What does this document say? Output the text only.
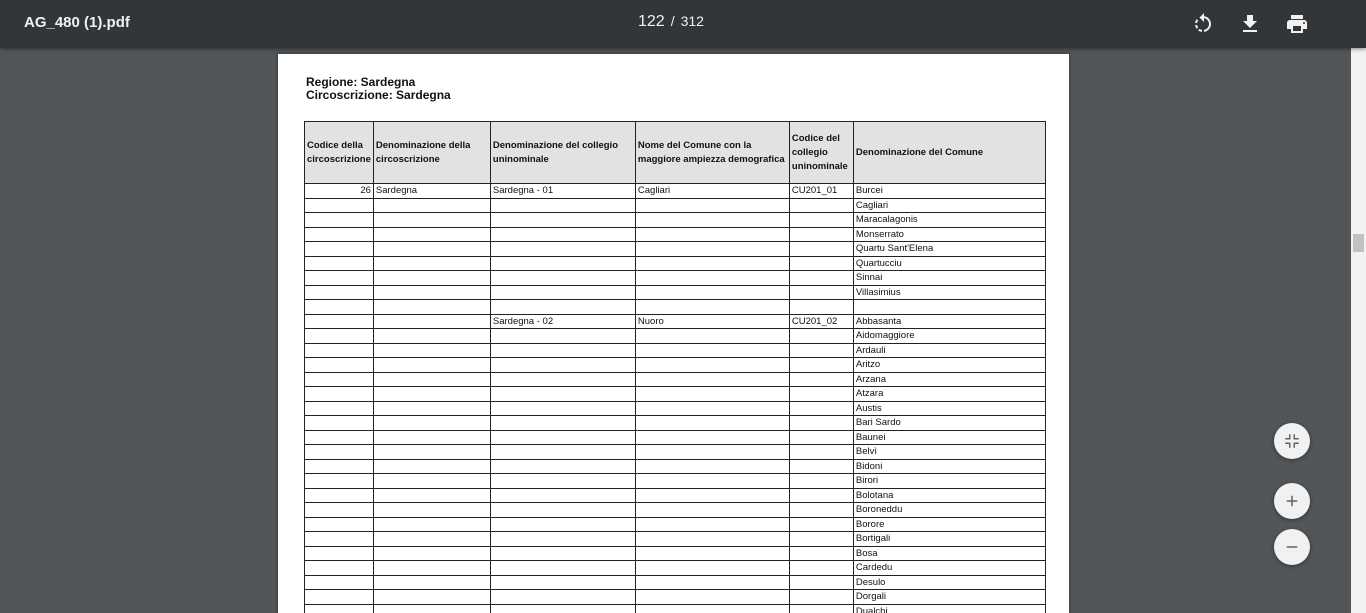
AG_480 (1).pdf	122 / 312
Regione: Sardegna
Circoscrizione: Sardegna
Codice della circoscrizione	Denominazione della circoscrizione	Denominazione del collegio uninominale	Nome del Comune con la maggiore ampiezza demografica	Codice del collegio uninominale	Denominazione del Comune
26	Sardegna	Sardegna - 01	Cagliari	CU201_01	Burcei
					Cagliari
					Maracalagonis
					Monserrato
					Quartu Sant'Elena
					Quartucciu
					Sinnai
					Villasimius

		Sardegna - 02	Nuoro	CU201_02	Abbasanta
					Aidomaggiore
					Ardauli
					Aritzo
					Arzana
					Atzara
					Austis
					Bari Sardo
					Baunei
					Belvì
					Bidoni
					Birori
					Bolotana
					Boroneddu
					Borore
					Bortigali
					Bosa
					Cardedu
					Desulo
					Dorgali
					Dualchi
